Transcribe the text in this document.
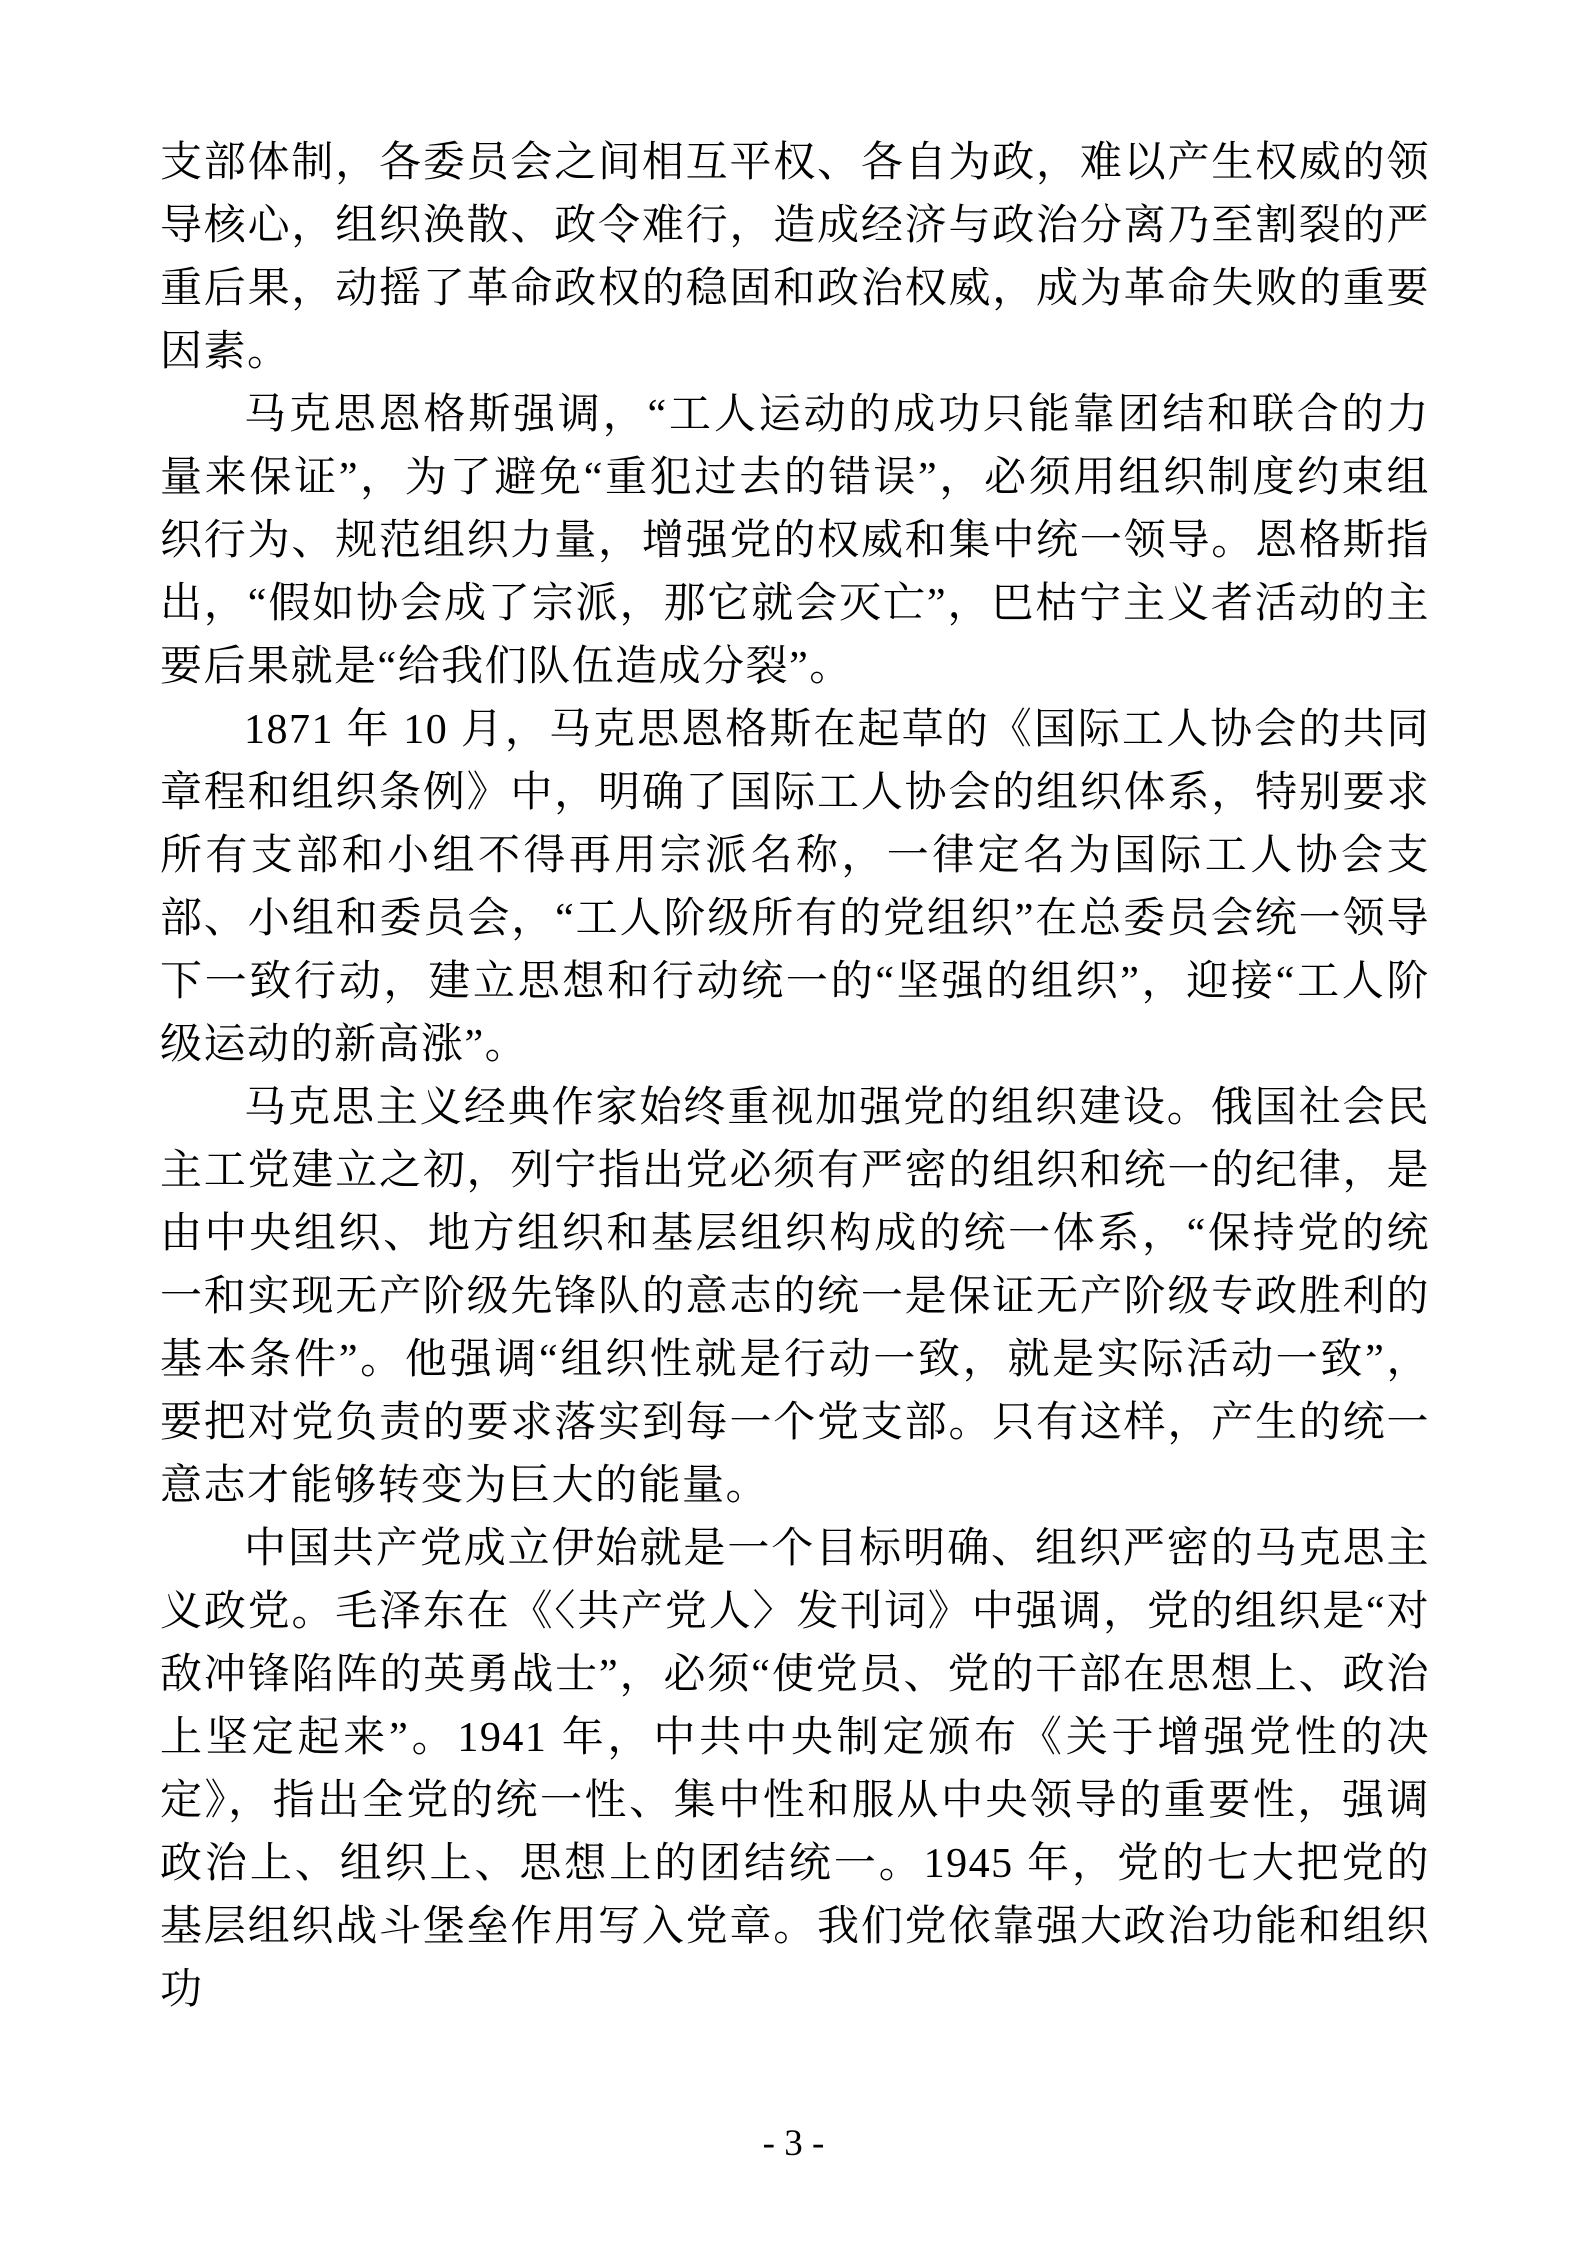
支部体制，各委员会之间相互平权、各自为政，难以产生权威的领导核心，组织涣散、政令难行，造成经济与政治分离乃至割裂的严重后果，动摇了革命政权的稳固和政治权威，成为革命失败的重要因素。

马克思恩格斯强调，“工人运动的成功只能靠团结和联合的力量来保证”，为了避免“重犯过去的错误”，必须用组织制度约束组织行为、规范组织力量，增强党的权威和集中统一领导。恩格斯指出，“假如协会成了宗派，那它就会灭亡”，巴枯宁主义者活动的主要后果就是“给我们队伍造成分裂”。

1871 年 10 月，马克思恩格斯在起草的《国际工人协会的共同章程和组织条例》中，明确了国际工人协会的组织体系，特别要求所有支部和小组不得再用宗派名称，一律定名为国际工人协会支部、小组和委员会，“工人阶级所有的党组织”在总委员会统一领导下一致行动，建立思想和行动统一的“坚强的组织”，迎接“工人阶级运动的新高涨”。

马克思主义经典作家始终重视加强党的组织建设。俄国社会民主工党建立之初，列宁指出党必须有严密的组织和统一的纪律，是由中央组织、地方组织和基层组织构成的统一体系，“保持党的统一和实现无产阶级先锋队的意志的统一是保证无产阶级专政胜利的基本条件”。他强调“组织性就是行动一致，就是实际活动一致”，要把对党负责的要求落实到每一个党支部。只有这样，产生的统一意志才能够转变为巨大的能量。

中国共产党成立伊始就是一个目标明确、组织严密的马克思主义政党。毛泽东在《〈共产党人〉发刊词》中强调，党的组织是“对敌冲锋陷阵的英勇战士”，必须“使党员、党的干部在思想上、政治上坚定起来”。1941 年，中共中央制定颁布《关于增强党性的决定》，指出全党的统一性、集中性和服从中央领导的重要性，强调政治上、组织上、思想上的团结统一。1945 年，党的七大把党的基层组织战斗堡垒作用写入党章。我们党依靠强大政治功能和组织功

- 3 -
